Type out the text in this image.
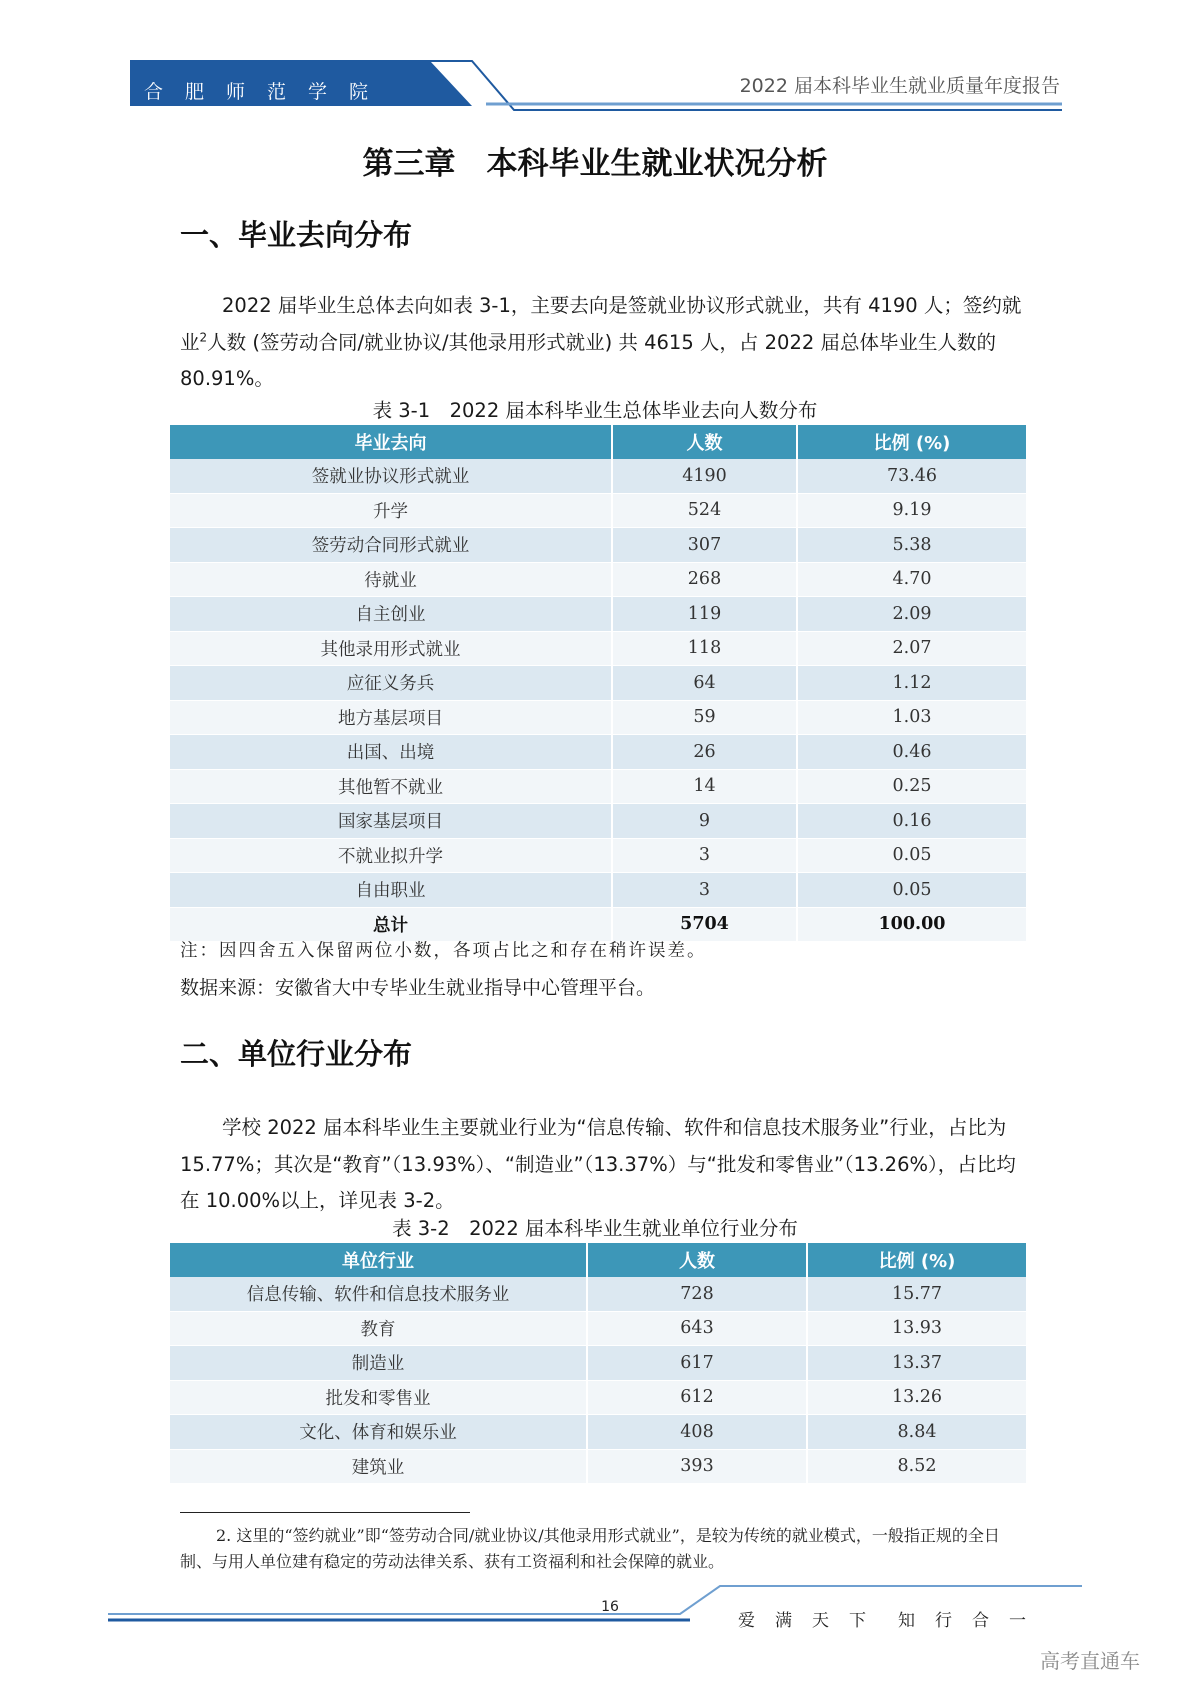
合肥师范学院	2022 届本科毕业生就业质量年度报告
第三章　本科毕业生就业状况分析
一、毕业去向分布
2022 届毕业生总体去向如表 3-1，主要去向是签就业协议形式就业，共有 4190 人；签约就业$^2$人数 (签劳动合同/就业协议/其他录用形式就业) 共 4615 人，占 2022 届总体毕业生人数的 80.91%。
表 3-1　2022 届本科毕业生总体毕业去向人数分布
毕业去向	人数	比例 (%)
签就业协议形式就业	4190	73.46
升学	524	9.19
签劳动合同形式就业	307	5.38
待就业	268	4.70
自主创业	119	2.09
其他录用形式就业	118	2.07
应征义务兵	64	1.12
地方基层项目	59	1.03
出国、出境	26	0.46
其他暂不就业	14	0.25
国家基层项目	9	0.16
不就业拟升学	3	0.05
自由职业	3	0.05
总计	5704	100.00
注：因四舍五入保留两位小数，各项占比之和存在稍许误差。
数据来源：安徽省大中专毕业生就业指导中心管理平台。
二、单位行业分布
学校 2022 届本科毕业生主要就业行业为“信息传输、软件和信息技术服务业”行业，占比为 15.77%；其次是“教育”（13.93%）、“制造业”（13.37%）与“批发和零售业”（13.26%），占比均在 10.00%以上，详见表 3-2。
表 3-2　2022 届本科毕业生就业单位行业分布
单位行业	人数	比例 (%)
信息传输、软件和信息技术服务业	728	15.77
教育	643	13.93
制造业	617	13.37
批发和零售业	612	13.26
文化、体育和娱乐业	408	8.84
建筑业	393	8.52
2. 这里的“签约就业”即“签劳动合同/就业协议/其他录用形式就业”，是较为传统的就业模式，一般指正规的全日制、与用人单位建有稳定的劳动法律关系、获有工资福利和社会保障的就业。
16
爱满天下 知行合一
高考直通车
